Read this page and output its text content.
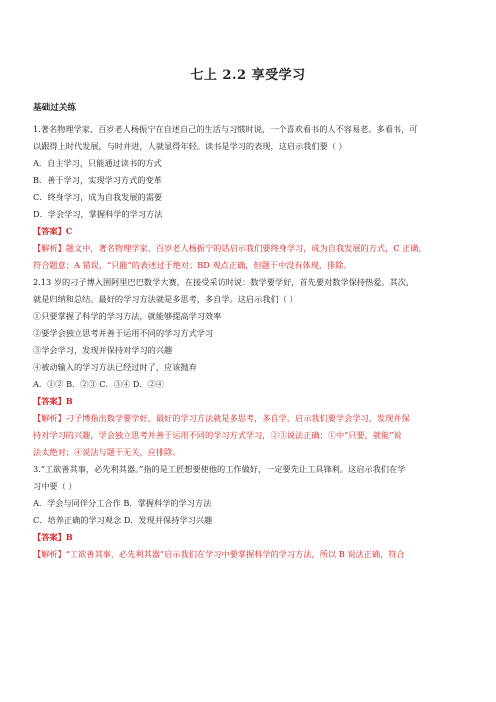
七上 2.2 享受学习
基础过关练

1.著名物理学家、百岁老人杨振宁在自述自己的生活与习惯时说，一个喜欢看书的人不容易老。多看书，可

以跟得上时代发展，与时并进，人就显得年轻。读书是学习的表现，这启示我们要（ ）

A．自主学习，只能通过读书的方式

B．善于学习，实现学习方式的变革

C．终身学习，成为自我发展的需要

D．学会学习，掌握科学的学习方法

【答案】C

【解析】题文中，著名物理学家、百岁老人杨振宁的话启示我们要终身学习，成为自我发展的方式，C 正确，

符合题意；A 错误，“只能”的表述过于绝对；BD 观点正确，但题干中没有体现，排除。

2.13 岁的刁子博入围阿里巴巴数学大赛，在接受采访时说：数学要学好，首先要对数学保持热爱。其次，

就是归纳和总结。最好的学习方法就是多思考，多自学。这启示我们（ ）

①只要掌握了科学的学习方法，就能够提高学习效率

②要学会独立思考并善于运用不同的学习方式学习

③学会学习，发现并保持对学习的兴趣

④被动输入的学习方法已经过时了，应该抛弃

A．①② B．②③ C．③④ D．②④

【答案】B

【解析】刁子博指出数学要学好，最好的学习方法就是多思考，多自学，启示我们要学会学习，发现并保

持对学习的兴趣，学会独立思考并善于运用不同的学习方式学习，②③说法正确；①中“只要，就能”说

法太绝对；④说法与题干无关，应排除。

3.“工欲善其事，必先利其器。”指的是工匠想要使他的工作做好，一定要先让工具锋利。这启示我们在学

习中要（ ）

A．学会与同伴分工合作 B．掌握科学的学习方法

C．培养正确的学习观念 D．发现并保持学习兴趣

【答案】B

【解析】“工欲善其事，必先利其器”启示我们在学习中要掌握科学的学习方法，所以 B 说法正确，符合
